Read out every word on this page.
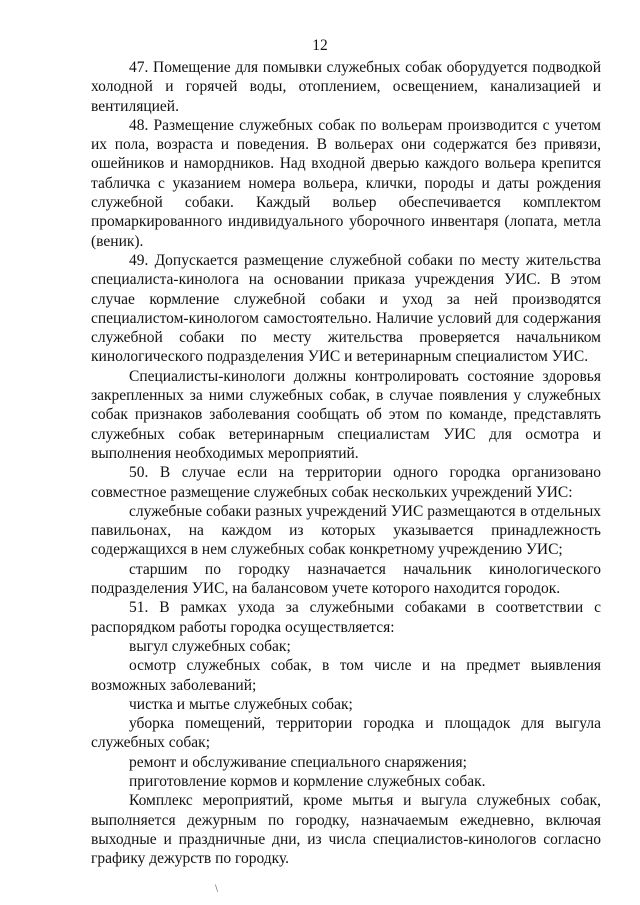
12

47. Помещение для помывки служебных собак оборудуется подводкой холодной и горячей воды, отоплением, освещением, канализацией и вентиляцией.

48. Размещение служебных собак по вольерам производится с учетом их пола, возраста и поведения. В вольерах они содержатся без привязи, ошейников и намордников. Над входной дверью каждого вольера крепится табличка с указанием номера вольера, клички, породы и даты рождения служебной собаки. Каждый вольер обеспечивается комплектом промаркированного индивидуального уборочного инвентаря (лопата, метла (веник).

49. Допускается размещение служебной собаки по месту жительства специалиста-кинолога на основании приказа учреждения УИС. В этом случае кормление служебной собаки и уход за ней производятся специалистом-кинологом самостоятельно. Наличие условий для содержания служебной собаки по месту жительства проверяется начальником кинологического подразделения УИС и ветеринарным специалистом УИС.

Специалисты-кинологи должны контролировать состояние здоровья закрепленных за ними служебных собак, в случае появления у служебных собак признаков заболевания сообщать об этом по команде, представлять служебных собак ветеринарным специалистам УИС для осмотра и выполнения необходимых мероприятий.

50. В случае если на территории одного городка организовано совместное размещение служебных собак нескольких учреждений УИС:

служебные собаки разных учреждений УИС размещаются в отдельных павильонах, на каждом из которых указывается принадлежность содержащихся в нем служебных собак конкретному учреждению УИС;

старшим по городку назначается начальник кинологического подразделения УИС, на балансовом учете которого находится городок.

51. В рамках ухода за служебными собаками в соответствии с распорядком работы городка осуществляется:

выгул служебных собак;

осмотр служебных собак, в том числе и на предмет выявления возможных заболеваний;

чистка и мытье служебных собак;

уборка помещений, территории городка и площадок для выгула служебных собак;

ремонт и обслуживание специального снаряжения;

приготовление кормов и кормление служебных собак.

Комплекс мероприятий, кроме мытья и выгула служебных собак, выполняется дежурным по городку, назначаемым ежедневно, включая выходные и праздничные дни, из числа специалистов-кинологов согласно графику дежурств по городку.

\
